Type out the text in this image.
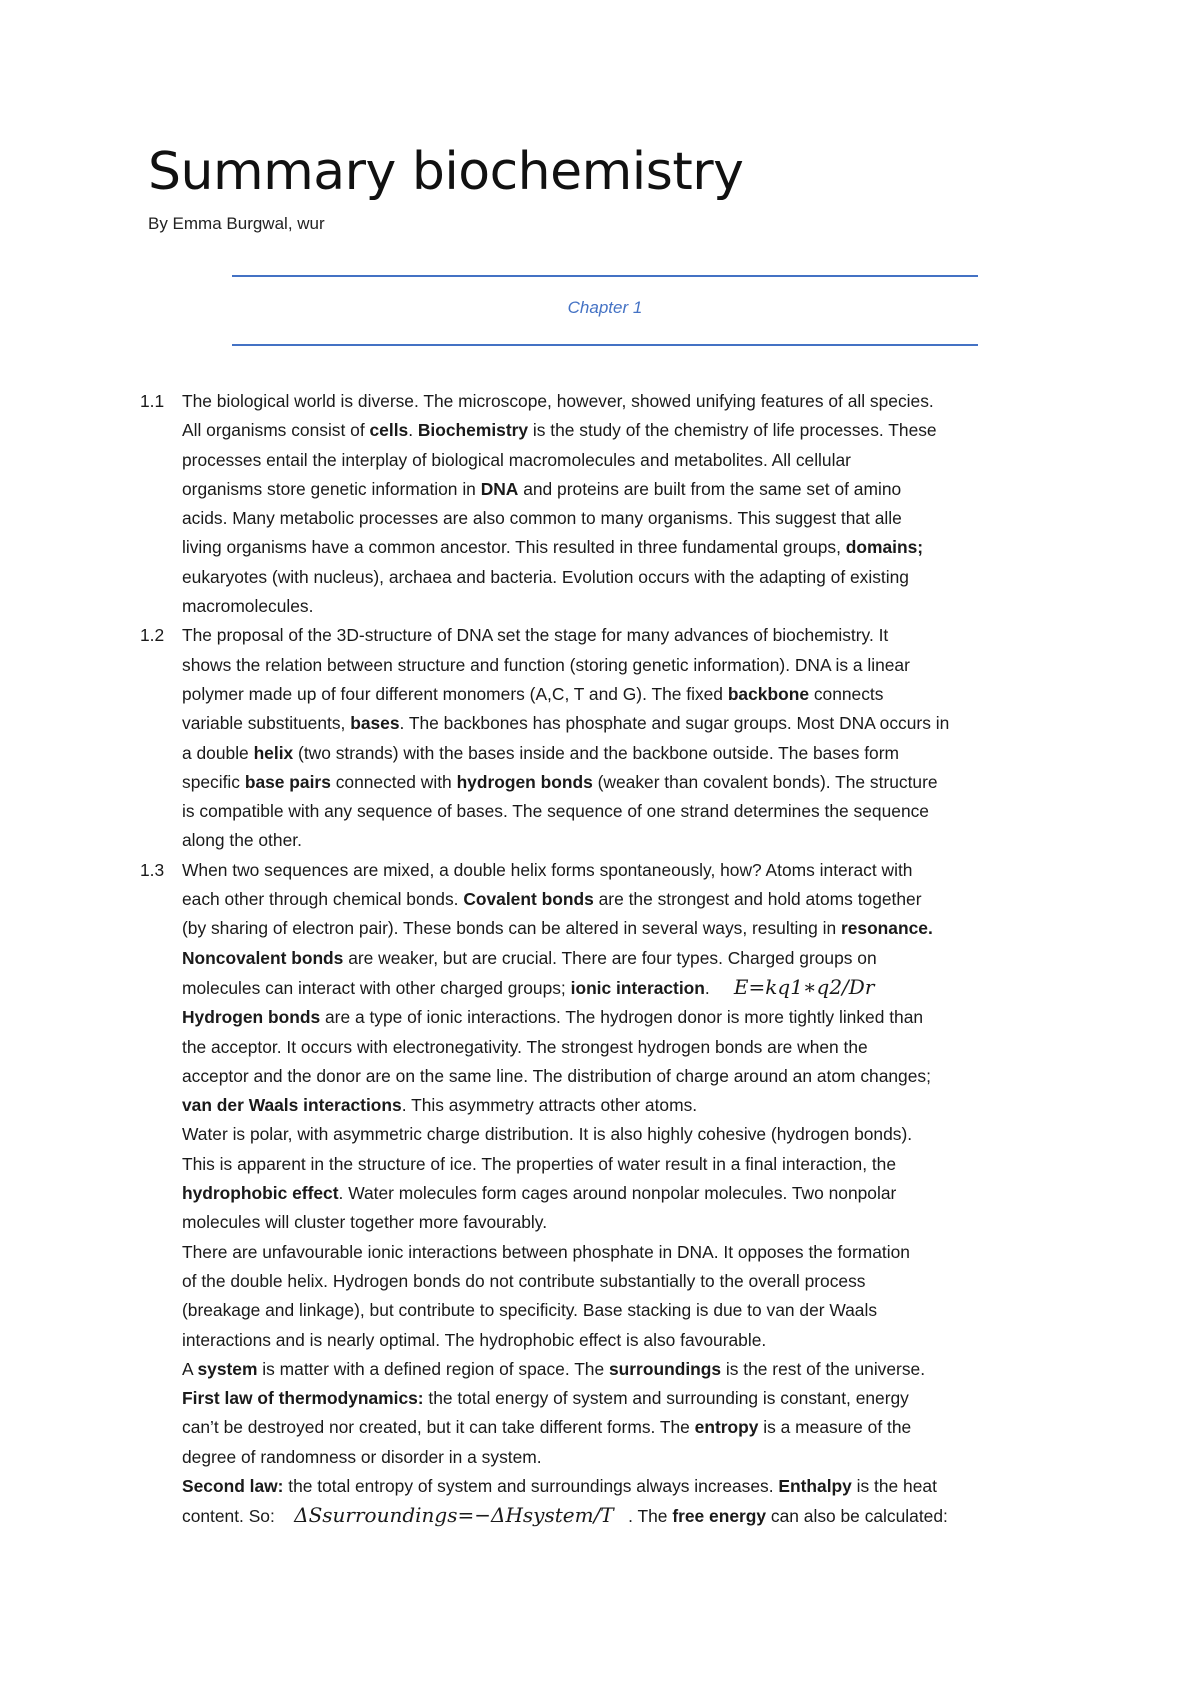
Summary biochemistry

By Emma Burgwal, wur

Chapter 1
1.1	The biological world is diverse. The microscope, however, showed unifying features of all species.
All organisms consist of cells. Biochemistry is the study of the chemistry of life processes. These
processes entail the interplay of biological macromolecules and metabolites. All cellular
organisms store genetic information in DNA and proteins are built from the same set of amino
acids. Many metabolic processes are also common to many organisms. This suggest that alle
living organisms have a common ancestor. This resulted in three fundamental groups, domains;
eukaryotes (with nucleus), archaea and bacteria. Evolution occurs with the adapting of existing
macromolecules.
1.2	The proposal of the 3D-structure of DNA set the stage for many advances of biochemistry. It
shows the relation between structure and function (storing genetic information). DNA is a linear
polymer made up of four different monomers (A,C, T and G). The fixed backbone connects
variable substituents, bases. The backbones has phosphate and sugar groups. Most DNA occurs in
a double helix (two strands) with the bases inside and the backbone outside. The bases form
specific base pairs connected with hydrogen bonds (weaker than covalent bonds). The structure
is compatible with any sequence of bases. The sequence of one strand determines the sequence
along the other.
1.3	When two sequences are mixed, a double helix forms spontaneously, how? Atoms interact with
each other through chemical bonds. Covalent bonds are the strongest and hold atoms together
(by sharing of electron pair). These bonds can be altered in several ways, resulting in resonance.
Noncovalent bonds are weaker, but are crucial. There are four types. Charged groups on
molecules can interact with other charged groups; ionic interaction.     E=kq1∗q2/Dr
Hydrogen bonds are a type of ionic interactions. The hydrogen donor is more tightly linked than
the acceptor. It occurs with electronegativity. The strongest hydrogen bonds are when the
acceptor and the donor are on the same line. The distribution of charge around an atom changes;
van der Waals interactions. This asymmetry attracts other atoms.
Water is polar, with asymmetric charge distribution. It is also highly cohesive (hydrogen bonds).
This is apparent in the structure of ice. The properties of water result in a final interaction, the
hydrophobic effect. Water molecules form cages around nonpolar molecules. Two nonpolar
molecules will cluster together more favourably.
There are unfavourable ionic interactions between phosphate in DNA. It opposes the formation
of the double helix. Hydrogen bonds do not contribute substantially to the overall process
(breakage and linkage), but contribute to specificity. Base stacking is due to van der Waals
interactions and is nearly optimal. The hydrophobic effect is also favourable.
A system is matter with a defined region of space. The surroundings is the rest of the universe.
First law of thermodynamics: the total energy of system and surrounding is constant, energy
can’t be destroyed nor created, but it can take different forms. The entropy is a measure of the
degree of randomness or disorder in a system.
Second law: the total entropy of system and surroundings always increases. Enthalpy is the heat
content. So:    ΔSsurroundings=−ΔHsystem/T   . The free energy can also be calculated:
